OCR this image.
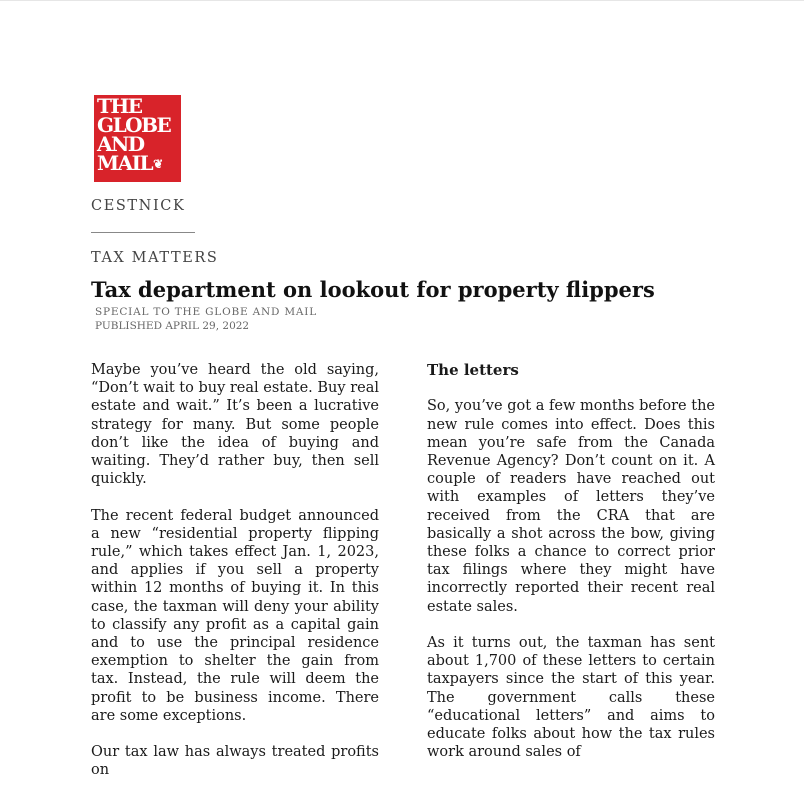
THE
GLOBE
AND
MAIL❦
CESTNICK
TAX MATTERS
Tax department on lookout for property flippers
SPECIAL TO THE GLOBE AND MAIL
PUBLISHED APRIL 29, 2022

Maybe you’ve heard the old saying, “Don’t wait to buy real estate. Buy real estate and wait.” It’s been a lucrative strategy for many. But some people don’t like the idea of buying and waiting. They’d rather buy, then sell quickly.

The recent federal budget announced a new “residential property flipping rule,” which takes effect Jan. 1, 2023, and applies if you sell a property within 12 months of buying it. In this case, the taxman will deny your ability to classify any profit as a capital gain and to use the principal residence exemption to shelter the gain from tax. Instead, the rule will deem the profit to be business income. There are some exceptions.

Our tax law has always treated profits on

The letters

So, you’ve got a few months before the new rule comes into effect. Does this mean you’re safe from the Canada Revenue Agency? Don’t count on it. A couple of readers have reached out with examples of letters they’ve received from the CRA that are basically a shot across the bow, giving these folks a chance to correct prior tax filings where they might have incorrectly reported their recent real estate sales.

As it turns out, the taxman has sent about 1,700 of these letters to certain taxpayers since the start of this year. The government calls these “educational letters” and aims to educate folks about how the tax rules work around sales of
